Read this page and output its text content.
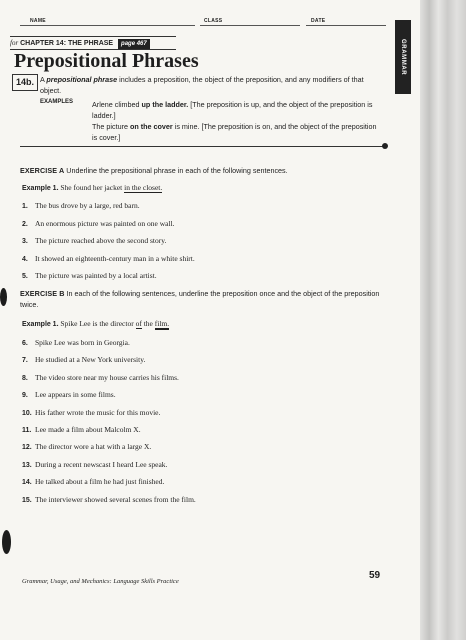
NAME	CLASS	DATE
GRAMMAR
for CHAPTER 14: THE PHRASE page 467
Prepositional Phrases
14b. A prepositional phrase includes a preposition, the object of the preposition, and any modifiers of that object.
EXAMPLES	Arlene climbed up the ladder. [The preposition is up, and the object of the preposition is ladder.]
The picture on the cover is mine. [The preposition is on, and the object of the preposition is cover.]
EXERCISE A Underline the prepositional phrase in each of the following sentences.
Example 1. She found her jacket in the closet.
1. The bus drove by a large, red barn.
2. An enormous picture was painted on one wall.
3. The picture reached above the second story.
4. It showed an eighteenth-century man in a white shirt.
5. The picture was painted by a local artist.
EXERCISE B In each of the following sentences, underline the preposition once and the object of the preposition twice.
Example 1. Spike Lee is the director of the film.
6. Spike Lee was born in Georgia.
7. He studied at a New York university.
8. The video store near my house carries his films.
9. Lee appears in some films.
10. His father wrote the music for this movie.
11. Lee made a film about Malcolm X.
12. The director wore a hat with a large X.
13. During a recent newscast I heard Lee speak.
14. He talked about a film he had just finished.
15. The interviewer showed several scenes from the film.
Grammar, Usage, and Mechanics: Language Skills Practice
59
